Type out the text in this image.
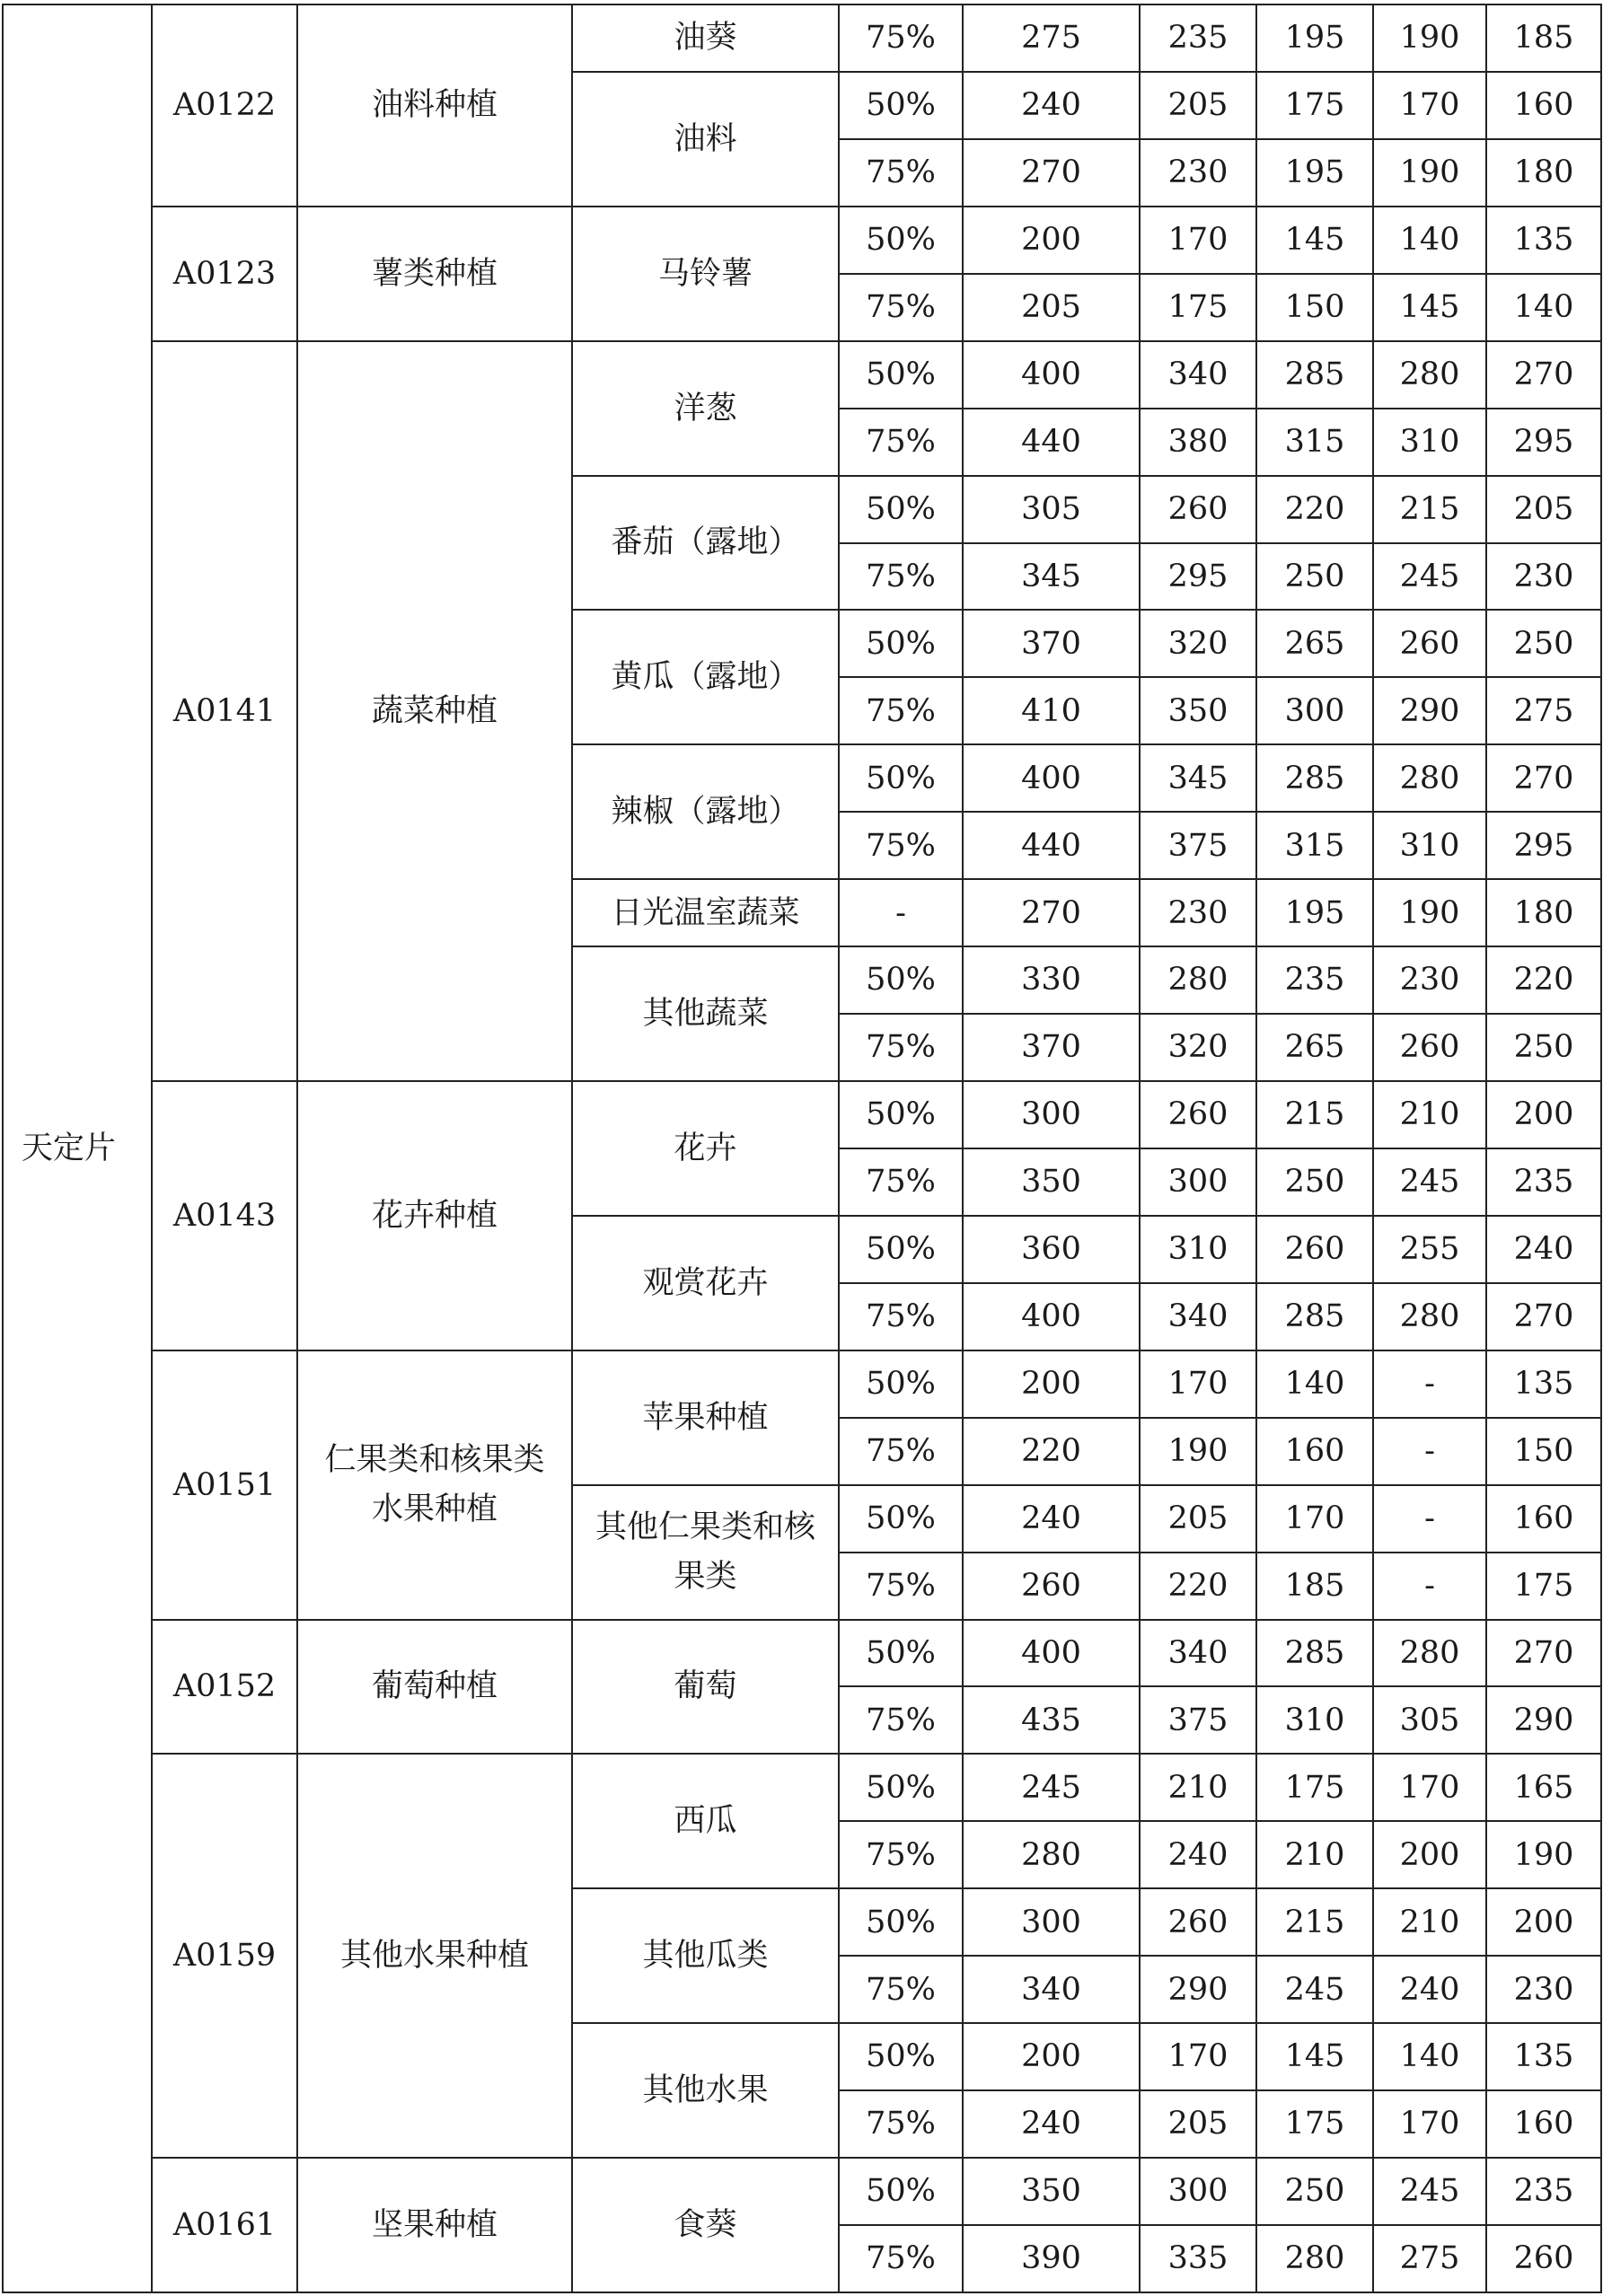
天定片	A0122	油料种植	油葵	75%	275	235	195	190	185
			油料	50%	240	205	175	170	160
				75%	270	230	195	190	180
	A0123	薯类种植	马铃薯	50%	200	170	145	140	135
				75%	205	175	150	145	140
	A0141	蔬菜种植	洋葱	50%	400	340	285	280	270
				75%	440	380	315	310	295
			番茄（露地）	50%	305	260	220	215	205
				75%	345	295	250	245	230
			黄瓜（露地）	50%	370	320	265	260	250
				75%	410	350	300	290	275
			辣椒（露地）	50%	400	345	285	280	270
				75%	440	375	315	310	295
			日光温室蔬菜	-	270	230	195	190	180
			其他蔬菜	50%	330	280	235	230	220
				75%	370	320	265	260	250
	A0143	花卉种植	花卉	50%	300	260	215	210	200
				75%	350	300	250	245	235
			观赏花卉	50%	360	310	260	255	240
				75%	400	340	285	280	270
	A0151	仁果类和核果类水果种植	苹果种植	50%	200	170	140	-	135
				75%	220	190	160	-	150
			其他仁果类和核果类	50%	240	205	170	-	160
				75%	260	220	185	-	175
	A0152	葡萄种植	葡萄	50%	400	340	285	280	270
				75%	435	375	310	305	290
	A0159	其他水果种植	西瓜	50%	245	210	175	170	165
				75%	280	240	210	200	190
			其他瓜类	50%	300	260	215	210	200
				75%	340	290	245	240	230
			其他水果	50%	200	170	145	140	135
				75%	240	205	175	170	160
	A0161	坚果种植	食葵	50%	350	300	250	245	235
				75%	390	335	280	275	260
